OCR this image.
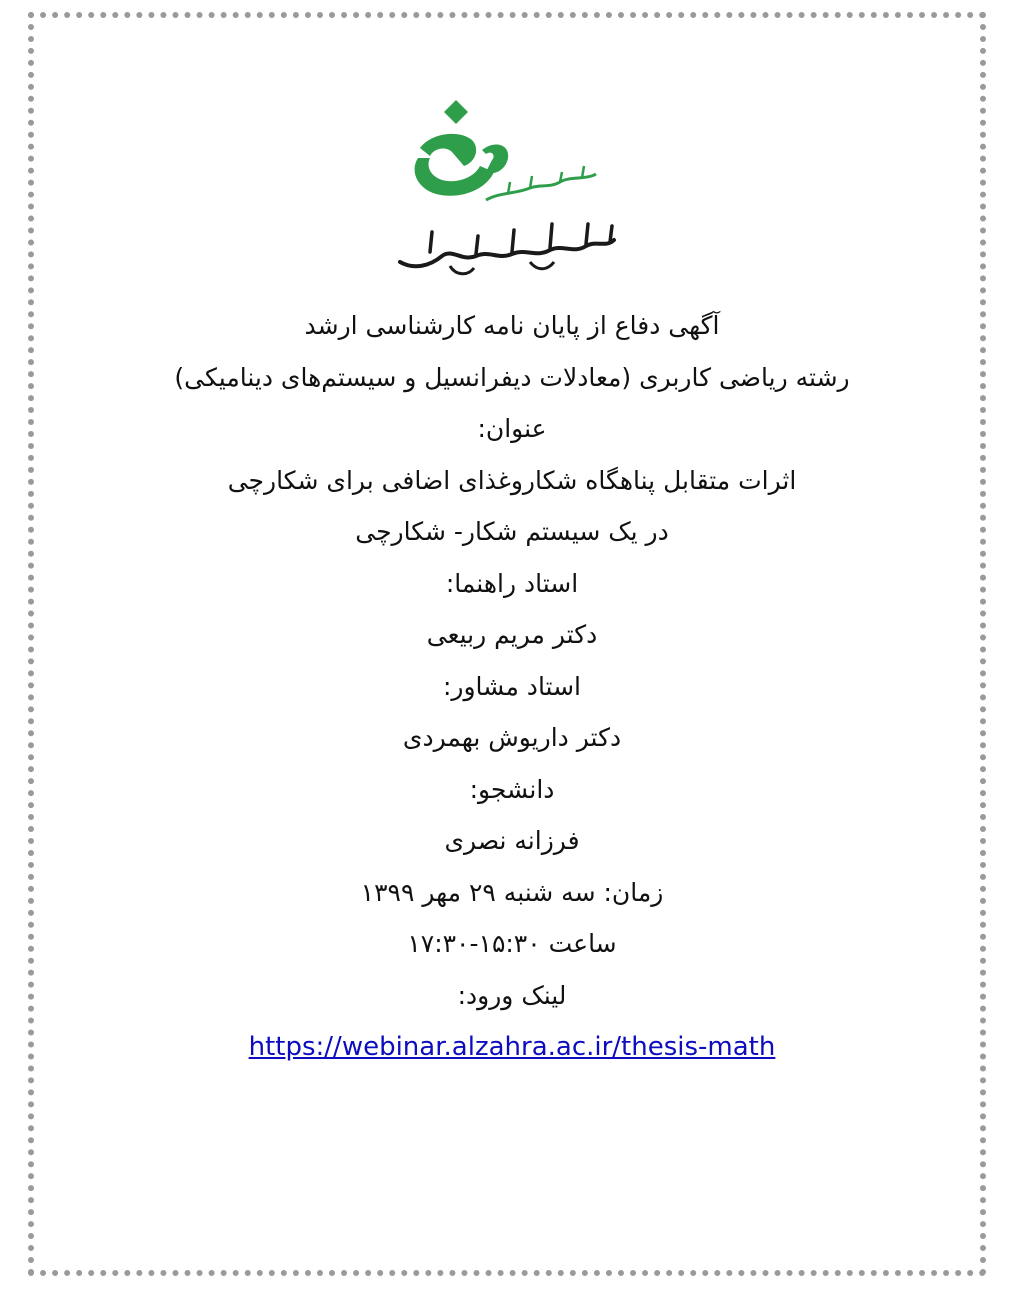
آگهی دفاع از پایان نامه کارشناسی ارشد
رشته ریاضی کاربری (معادلات دیفرانسیل و سیستم‌های دینامیکی)
عنوان:
اثرات متقابل پناهگاه شکاروغذای اضافی برای شکارچی
در یک سیستم شکار- شکارچی
استاد راهنما:
دکتر مریم ربیعی
استاد مشاور:
دکتر داریوش بهمردی
دانشجو:
فرزانه نصری
زمان: سه شنبه ۲۹ مهر ۱۳۹۹
ساعت ۱۵:۳۰-۱۷:۳۰
لینک ورود:
https://webinar.alzahra.ac.ir/thesis-math
